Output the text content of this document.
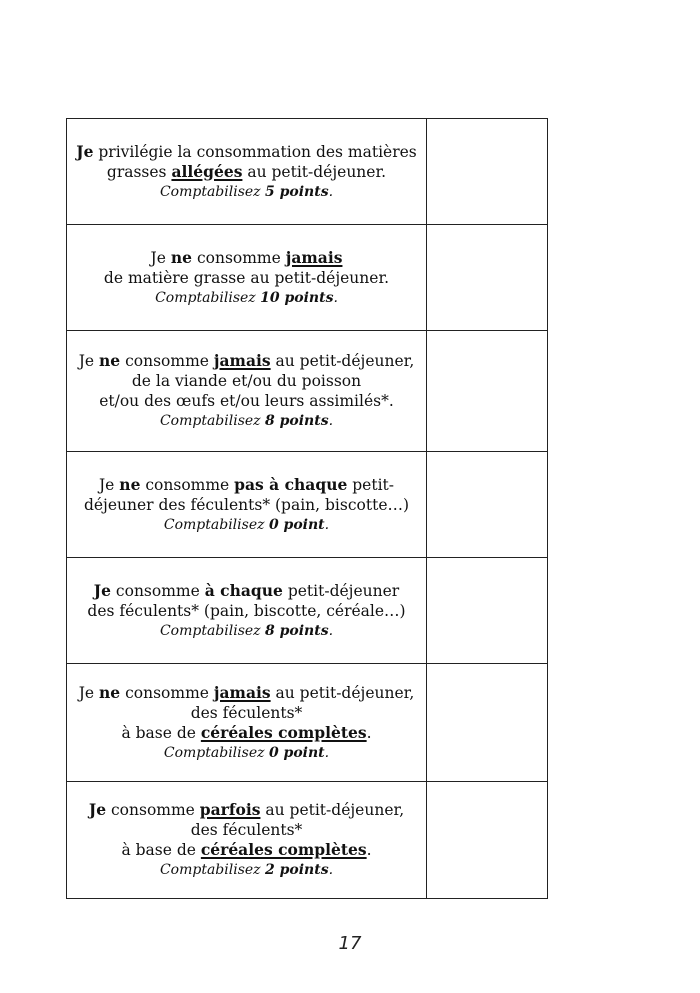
Je privilégie la consommation des matières
grasses allégées au petit-déjeuner.
Comptabilisez 5 points.	

Je ne consomme jamais
de matière grasse au petit-déjeuner.
Comptabilisez 10 points.	

Je ne consomme jamais au petit-déjeuner,
de la viande et/ou du poisson
et/ou des œufs et/ou leurs assimilés*.
Comptabilisez 8 points.	

Je ne consomme pas à chaque petit-
déjeuner des féculents* (pain, biscotte…)
Comptabilisez 0 point.	

Je consomme à chaque petit-déjeuner
des féculents* (pain, biscotte, céréale…)
Comptabilisez 8 points.	

Je ne consomme jamais au petit-déjeuner,
des féculents*
à base de céréales complètes.
Comptabilisez 0 point.	

Je consomme parfois au petit-déjeuner,
des féculents*
à base de céréales complètes.
Comptabilisez 2 points.	

17
